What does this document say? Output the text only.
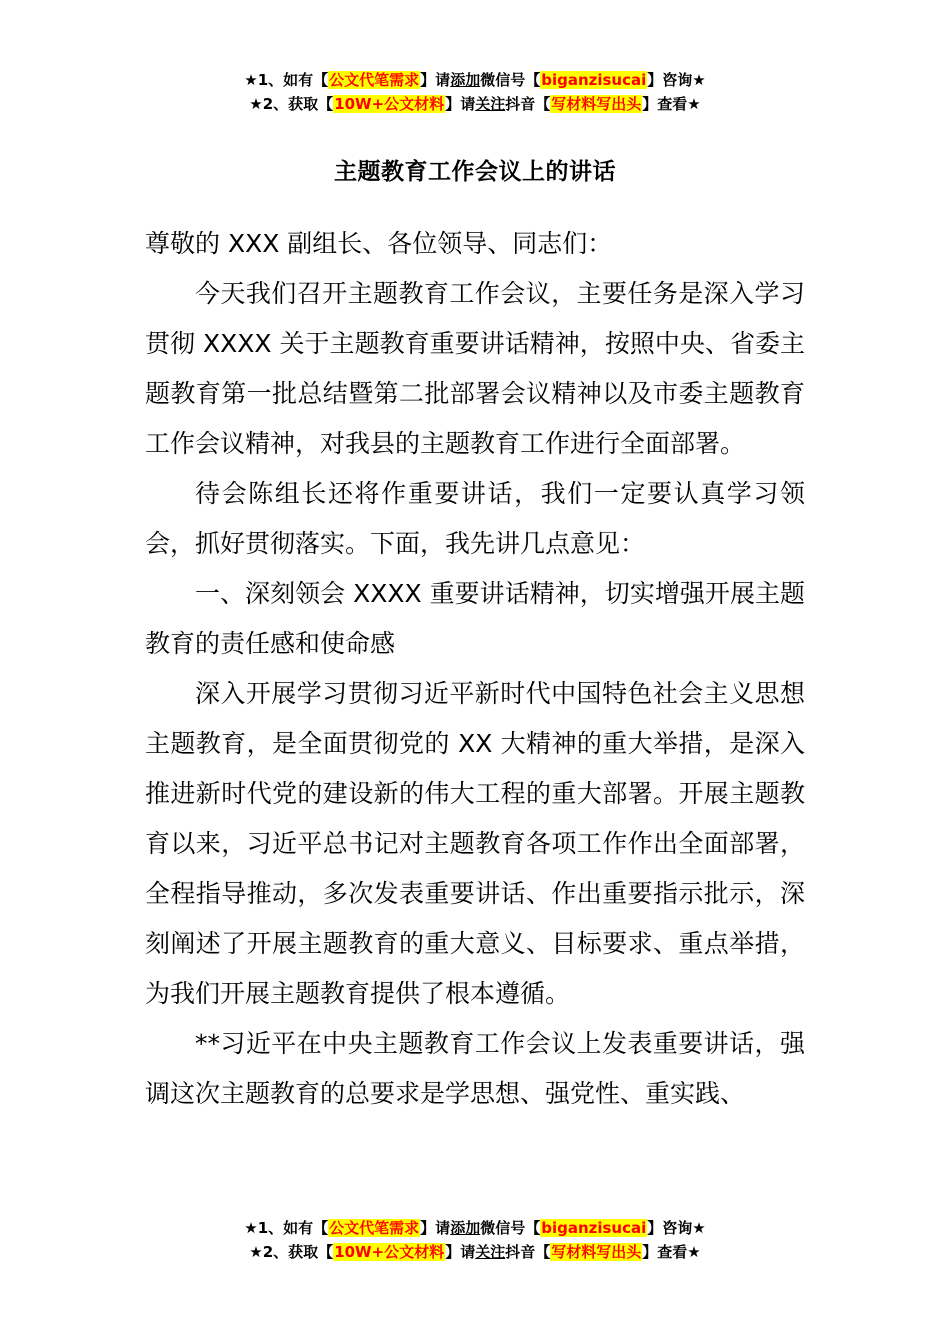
★1、如有【公文代笔需求】请添加微信号【biganzisucai】咨询★
★2、获取【10W+公文材料】请关注抖音【写材料写出头】查看★
主题教育工作会议上的讲话

尊敬的 XXX 副组长、各位领导、同志们：

今天我们召开主题教育工作会议，主要任务是深入学习贯彻 XXXX 关于主题教育重要讲话精神，按照中央、省委主题教育第一批总结暨第二批部署会议精神以及市委主题教育工作会议精神，对我县的主题教育工作进行全面部署。

待会陈组长还将作重要讲话，我们一定要认真学习领会，抓好贯彻落实。下面，我先讲几点意见：

一、深刻领会 XXXX 重要讲话精神，切实增强开展主题教育的责任感和使命感

深入开展学习贯彻习近平新时代中国特色社会主义思想主题教育，是全面贯彻党的 XX 大精神的重大举措，是深入推进新时代党的建设新的伟大工程的重大部署。开展主题教育以来，习近平总书记对主题教育各项工作作出全面部署，全程指导推动，多次发表重要讲话、作出重要指示批示，深刻阐述了开展主题教育的重大意义、目标要求、重点举措，为我们开展主题教育提供了根本遵循。

**习近平在中央主题教育工作会议上发表重要讲话，强调这次主题教育的总要求是学思想、强党性、重实践、

★1、如有【公文代笔需求】请添加微信号【biganzisucai】咨询★
★2、获取【10W+公文材料】请关注抖音【写材料写出头】查看★
